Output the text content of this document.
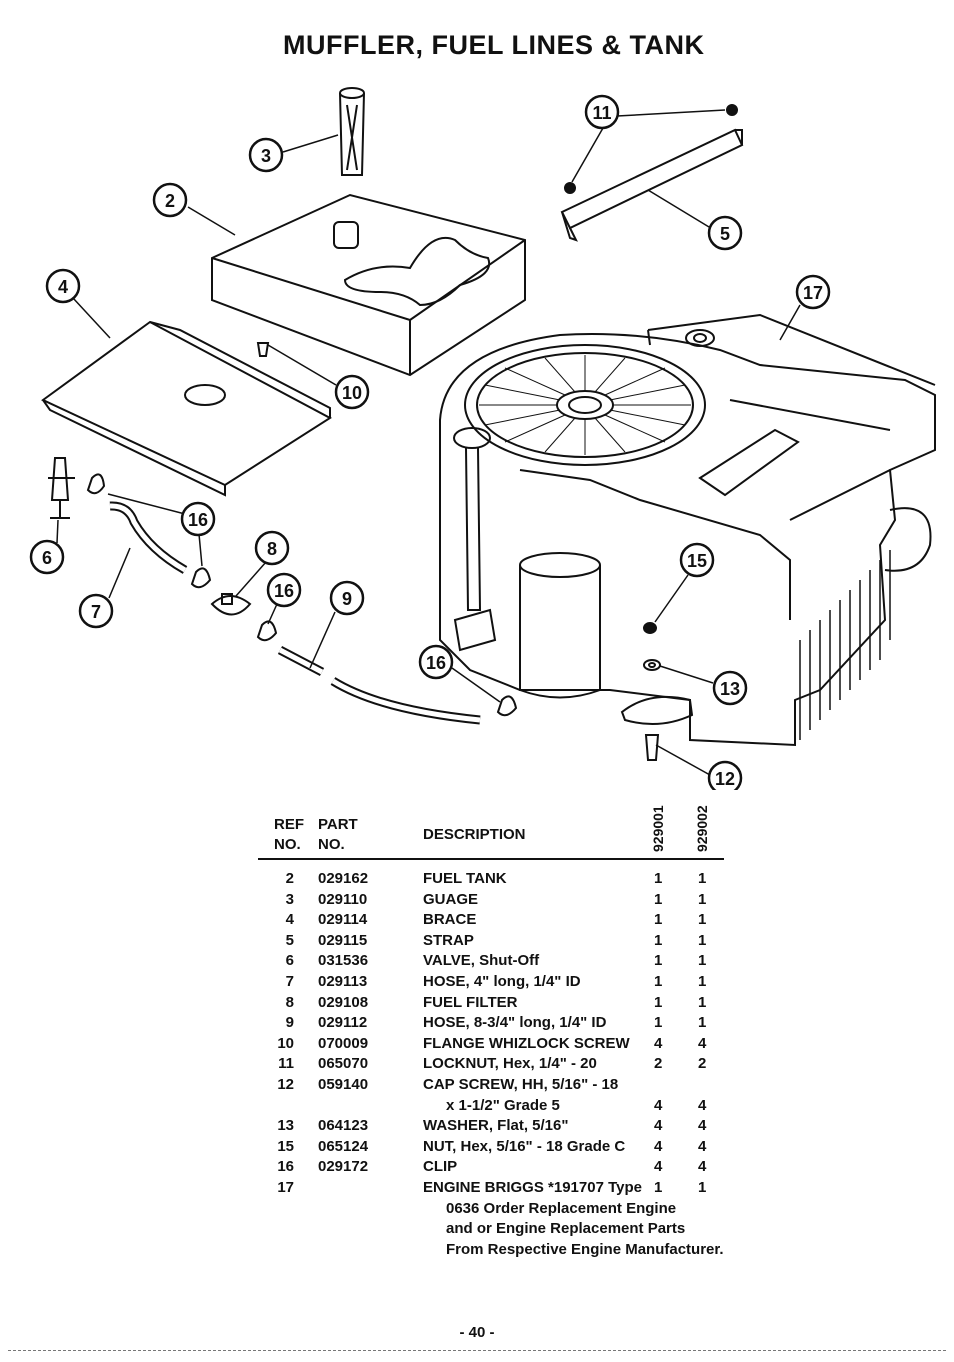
MUFFLER, FUEL LINES & TANK
2
3
4
5
6
7
8
9
10
11
12
13
15
16
16
16
17
REF
NO.
PART
NO.
DESCRIPTION	929001 929002
2 029162	FUEL TANK	1 1
3 029110	GUAGE	1 1
4 029114	BRACE	1 1
5 029115	STRAP	1 1
6 031536	VALVE, Shut-Off	1 1
7 029113	HOSE, 4" long, 1/4" ID	1 1
8 029108	FUEL FILTER	1 1
9 029112	HOSE, 8-3/4" long, 1/4" ID	1 1
10 070009	FLANGE WHIZLOCK SCREW 4 4
11 065070	LOCKNUT, Hex, 1/4" - 20	2 2
12 059140	CAP SCREW, HH, 5/16" - 18
x 1-1/2" Grade 5	4 4
13 064123	WASHER, Flat, 5/16"	4 4
15 065124	NUT, Hex, 5/16" - 18 Grade C 4 4
16 029172	CLIP	4 4
17	ENGINE BRIGGS *191707 Type 1 1
0636 Order Replacement Engine
and or Engine Replacement Parts
From Respective Engine Manufacturer.
- 40 -
